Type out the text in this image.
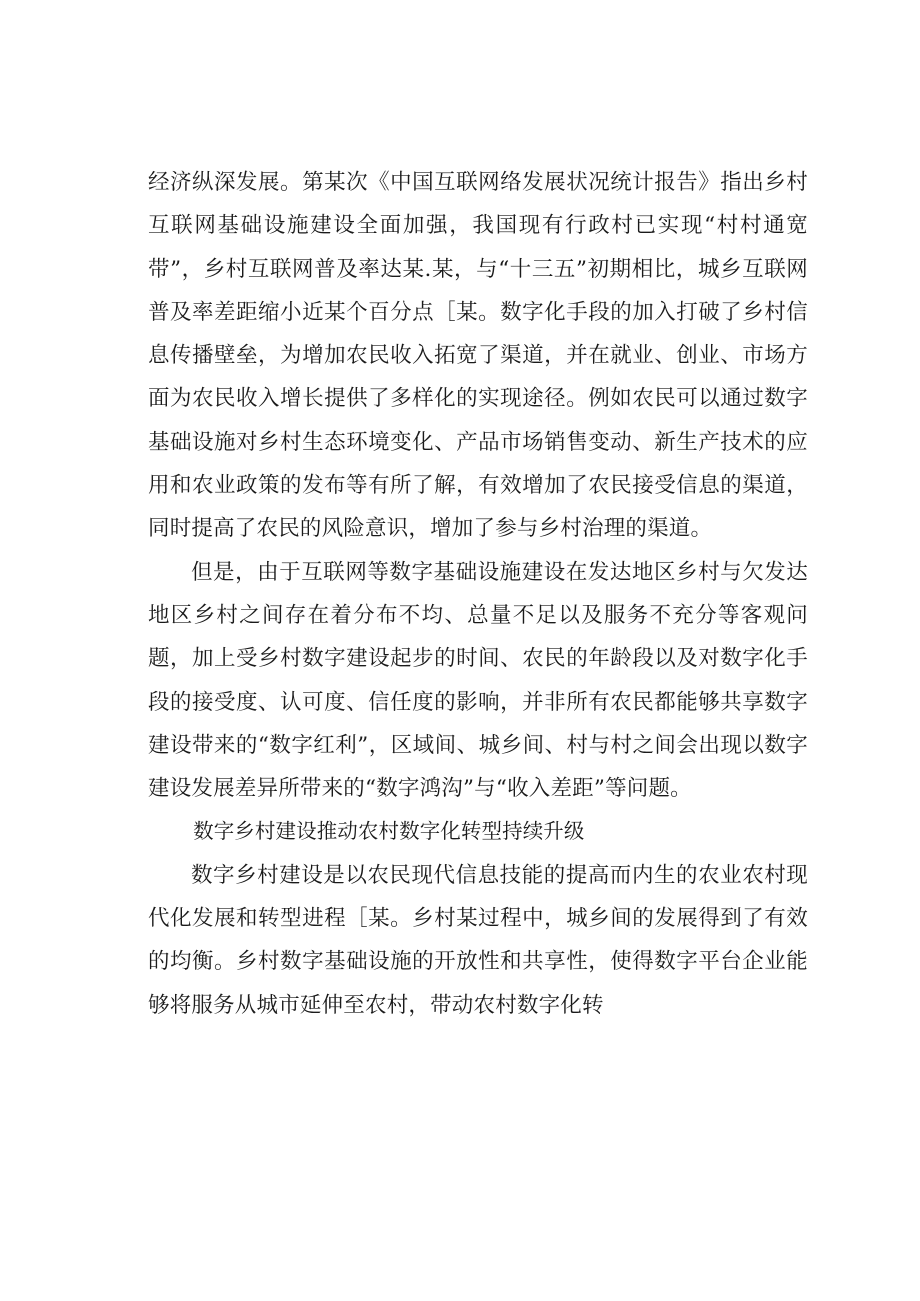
经济纵深发展。第某次《中国互联网络发展状况统计报告》指出乡村互联网基础设施建设全面加强，我国现有行政村已实现“村村通宽带”，乡村互联网普及率达某.某，与“十三五”初期相比，城乡互联网普及率差距缩小近某个百分点［某。数字化手段的加入打破了乡村信息传播壁垒，为增加农民收入拓宽了渠道，并在就业、创业、市场方面为农民收入增长提供了多样化的实现途径。例如农民可以通过数字基础设施对乡村生态环境变化、产品市场销售变动、新生产技术的应用和农业政策的发布等有所了解，有效增加了农民接受信息的渠道，同时提高了农民的风险意识，增加了参与乡村治理的渠道。

但是，由于互联网等数字基础设施建设在发达地区乡村与欠发达地区乡村之间存在着分布不均、总量不足以及服务不充分等客观问题，加上受乡村数字建设起步的时间、农民的年龄段以及对数字化手段的接受度、认可度、信任度的影响，并非所有农民都能够共享数字建设带来的“数字红利”，区域间、城乡间、村与村之间会出现以数字建设发展差异所带来的“数字鸿沟”与“收入差距”等问题。

数字乡村建设推动农村数字化转型持续升级

数字乡村建设是以农民现代信息技能的提高而内生的农业农村现代化发展和转型进程［某。乡村某过程中，城乡间的发展得到了有效的均衡。乡村数字基础设施的开放性和共享性，使得数字平台企业能够将服务从城市延伸至农村，带动农村数字化转
